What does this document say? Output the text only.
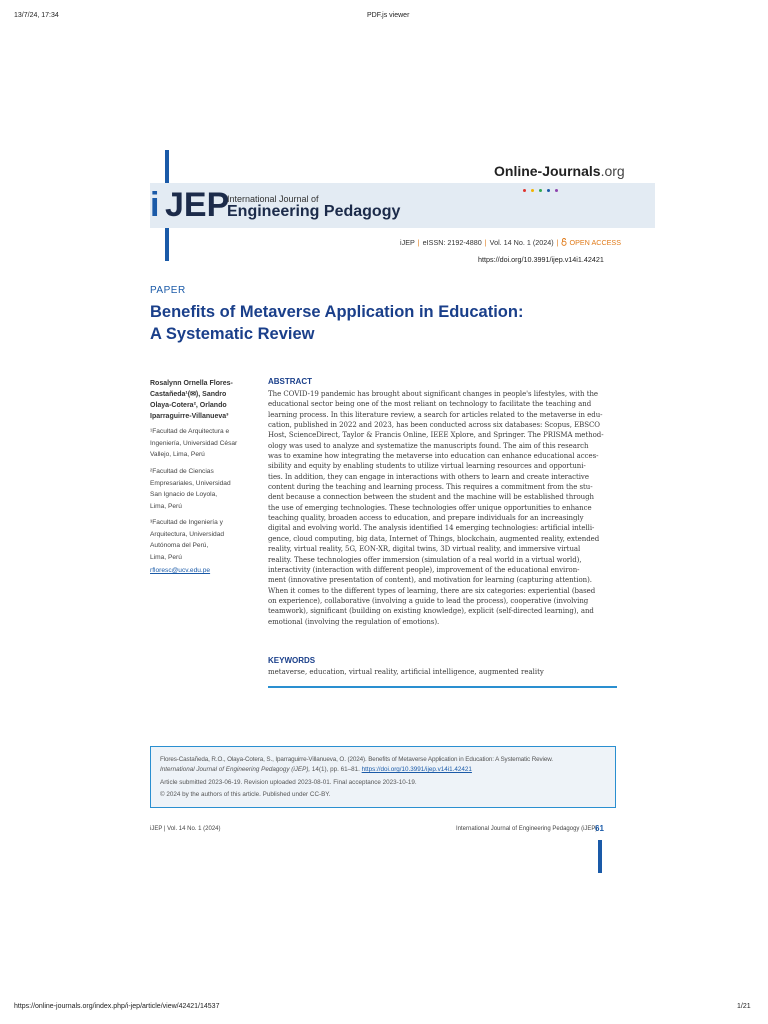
13/7/24, 17:34	PDF.js viewer
i JEP
International Journal of
Engineering Pedagogy
Online-Journals.org
iJEP | eISSN: 2192-4880 | Vol. 14 No. 1 (2024) | OPEN ACCESS
https://doi.org/10.3991/ijep.v14i1.42421
PAPER
Benefits of Metaverse Application in Education:
A Systematic Review
Rosalynn Ornella Flores-
Castañeda¹(✉), Sandro
Olaya-Cotera², Orlando
Iparraguirre-Villanueva³
¹Facultad de Arquitectura e
Ingeniería, Universidad César
Vallejo, Lima, Perú
²Facultad de Ciencias
Empresariales, Universidad
San Ignacio de Loyola,
Lima, Perú
³Facultad de Ingeniería y
Arquitectura, Universidad
Autónoma del Perú,
Lima, Perú
rfloresc@ucv.edu.pe
ABSTRACT
The COVID-19 pandemic has brought about significant changes in people's lifestyles, with the
educational sector being one of the most reliant on technology to facilitate the teaching and
learning process. In this literature review, a search for articles related to the metaverse in edu-
cation, published in 2022 and 2023, has been conducted across six databases: Scopus, EBSCO
Host, ScienceDirect, Taylor & Francis Online, IEEE Xplore, and Springer. The PRISMA method-
ology was used to analyze and systematize the manuscripts found. The aim of this research
was to examine how integrating the metaverse into education can enhance educational acces-
sibility and equity by enabling students to utilize virtual learning resources and opportuni-
ties. In addition, they can engage in interactions with others to learn and create interactive
content during the teaching and learning process. This requires a commitment from the stu-
dent because a connection between the student and the machine will be established through
the use of emerging technologies. These technologies offer unique opportunities to enhance
teaching quality, broaden access to education, and prepare individuals for an increasingly
digital and evolving world. The analysis identified 14 emerging technologies: artificial intelli-
gence, cloud computing, big data, Internet of Things, blockchain, augmented reality, extended
reality, virtual reality, 5G, EON-XR, digital twins, 3D virtual reality, and immersive virtual
reality. These technologies offer immersion (simulation of a real world in a virtual world),
interactivity (interaction with different people), improvement of the educational environ-
ment (innovative presentation of content), and motivation for learning (capturing attention).
When it comes to the different types of learning, there are six categories: experiential (based
on experience), collaborative (involving a guide to lead the process), cooperative (involving
teamwork), significant (building on existing knowledge), explicit (self-directed learning), and
emotional (involving the regulation of emotions).
KEYWORDS
metaverse, education, virtual reality, artificial intelligence, augmented reality
Flores-Castañeda, R.O., Olaya-Cotera, S., Iparraguirre-Villanueva, O. (2024). Benefits of Metaverse Application in Education: A Systematic Review.
International Journal of Engineering Pedagogy (iJEP), 14(1), pp. 61–81. https://doi.org/10.3991/ijep.v14i1.42421
Article submitted 2023-06-19. Revision uploaded 2023-08-01. Final acceptance 2023-10-19.
© 2024 by the authors of this article. Published under CC-BY.
iJEP | Vol. 14 No. 1 (2024)	International Journal of Engineering Pedagogy (iJEP)
61
https://online-journals.org/index.php/i-jep/article/view/42421/14537	1/21
